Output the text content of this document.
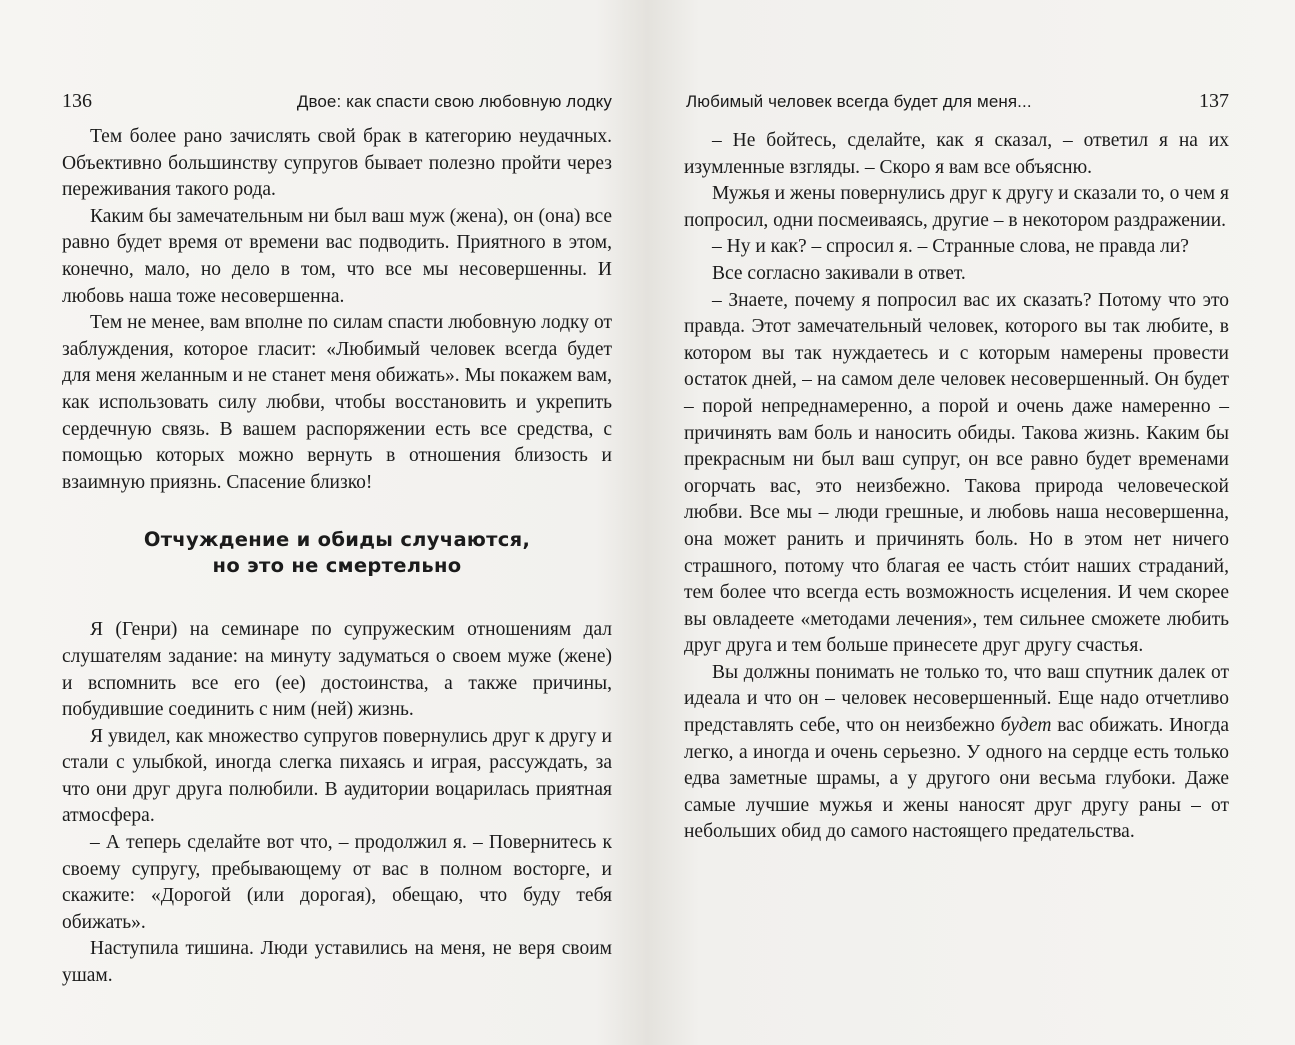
136	Двое: как спасти свою любовную лодку

Тем более рано зачислять свой брак в категорию неудачных. Объективно большинству супругов бывает полезно пройти через переживания такого рода.

Каким бы замечательным ни был ваш муж (жена), он (она) все равно будет время от времени вас подводить. Приятного в этом, конечно, мало, но дело в том, что все мы несовершенны. И любовь наша тоже несовершенна.

Тем не менее, вам вполне по силам спасти любовную лодку от заблуждения, которое гласит: «Любимый человек всегда будет для меня желанным и не станет меня обижать». Мы покажем вам, как использовать силу любви, чтобы восстановить и укрепить сердечную связь. В вашем распоряжении есть все средства, с помощью которых можно вернуть в отношения близость и взаимную приязнь. Спасение близко!

Отчуждение и обиды случаются,
но это не смертельно

Я (Генри) на семинаре по супружеским отношениям дал слушателям задание: на минуту задуматься о своем муже (жене) и вспомнить все его (ее) достоинства, а также причины, побудившие соединить с ним (ней) жизнь.

Я увидел, как множество супругов повернулись друг к другу и стали с улыбкой, иногда слегка пихаясь и играя, рассуждать, за что они друг друга полюбили. В аудитории воцарилась приятная атмосфера.

– А теперь сделайте вот что, – продолжил я. – Повернитесь к своему супругу, пребывающему от вас в полном восторге, и скажите: «Дорогой (или дорогая), обещаю, что буду тебя обижать».

Наступила тишина. Люди уставились на меня, не веря своим ушам.

Любимый человек всегда будет для меня...	137

– Не бойтесь, сделайте, как я сказал, – ответил я на их изумленные взгляды. – Скоро я вам все объясню.

Мужья и жены повернулись друг к другу и сказали то, о чем я попросил, одни посмеиваясь, другие – в некотором раздражении.

– Ну и как? – спросил я. – Странные слова, не правда ли?

Все согласно закивали в ответ.

– Знаете, почему я попросил вас их сказать? Потому что это правда. Этот замечательный человек, которого вы так любите, в котором вы так нуждаетесь и с которым намерены провести остаток дней, – на самом деле человек несовершенный. Он будет – порой непреднамеренно, а порой и очень даже намеренно – причинять вам боль и наносить обиды. Такова жизнь. Каким бы прекрасным ни был ваш супруг, он все равно будет временами огорчать вас, это неизбежно. Такова природа человеческой любви. Все мы – люди грешные, и любовь наша несовершенна, она может ранить и причинять боль. Но в этом нет ничего страшного, потому что благая ее часть стóит наших страданий, тем более что всегда есть возможность исцеления. И чем скорее вы овладеете «методами лечения», тем сильнее сможете любить друг друга и тем больше принесете друг другу счастья.

Вы должны понимать не только то, что ваш спутник далек от идеала и что он – человек несовершенный. Еще надо отчетливо представлять себе, что он неизбежно будет вас обижать. Иногда легко, а иногда и очень серьезно. У одного на сердце есть только едва заметные шрамы, а у другого они весьма глубоки. Даже самые лучшие мужья и жены наносят друг другу раны – от небольших обид до самого настоящего предательства.
